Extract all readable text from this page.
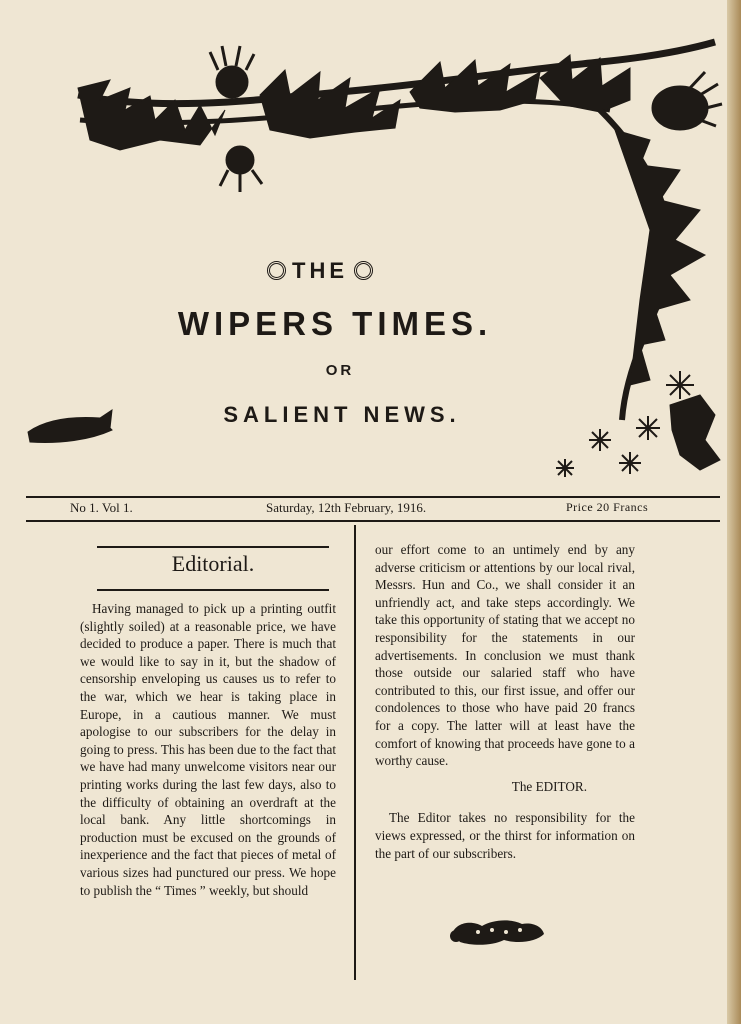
THE
WIPERS TIMES.
OR
SALIENT NEWS.
No 1. Vol 1.	Saturday, 12th February, 1916.	Price 20 Francs
Editorial.

Having managed to pick up a printing outfit (slightly soiled) at a reasonable price, we have decided to produce a paper. There is much that we would like to say in it, but the shadow of censorship enveloping us causes us to refer to the war, which we hear is taking place in Europe, in a cautious manner. We must apologise to our subscribers for the delay in going to press. This has been due to the fact that we have had many unwelcome visitors near our printing works during the last few days, also to the difficulty of obtaining an overdraft at the local bank. Any little shortcomings in production must be excused on the grounds of inexperience and the fact that pieces of metal of various sizes had punctured our press. We hope to publish the “ Times ” weekly, but should

our effort come to an untimely end by any adverse criticism or attentions by our local rival, Messrs. Hun and Co., we shall consider it an unfriendly act, and take steps accordingly. We take this opportunity of stating that we accept no responsibility for the statements in our advertisements. In conclusion we must thank those outside our salaried staff who have contributed to this, our first issue, and offer our condolences to those who have paid 20 francs for a copy. The latter will at least have the comfort of knowing that proceeds have gone to a worthy cause.

The EDITOR.

The Editor takes no responsibility for the views expressed, or the thirst for information on the part of our subscribers.
